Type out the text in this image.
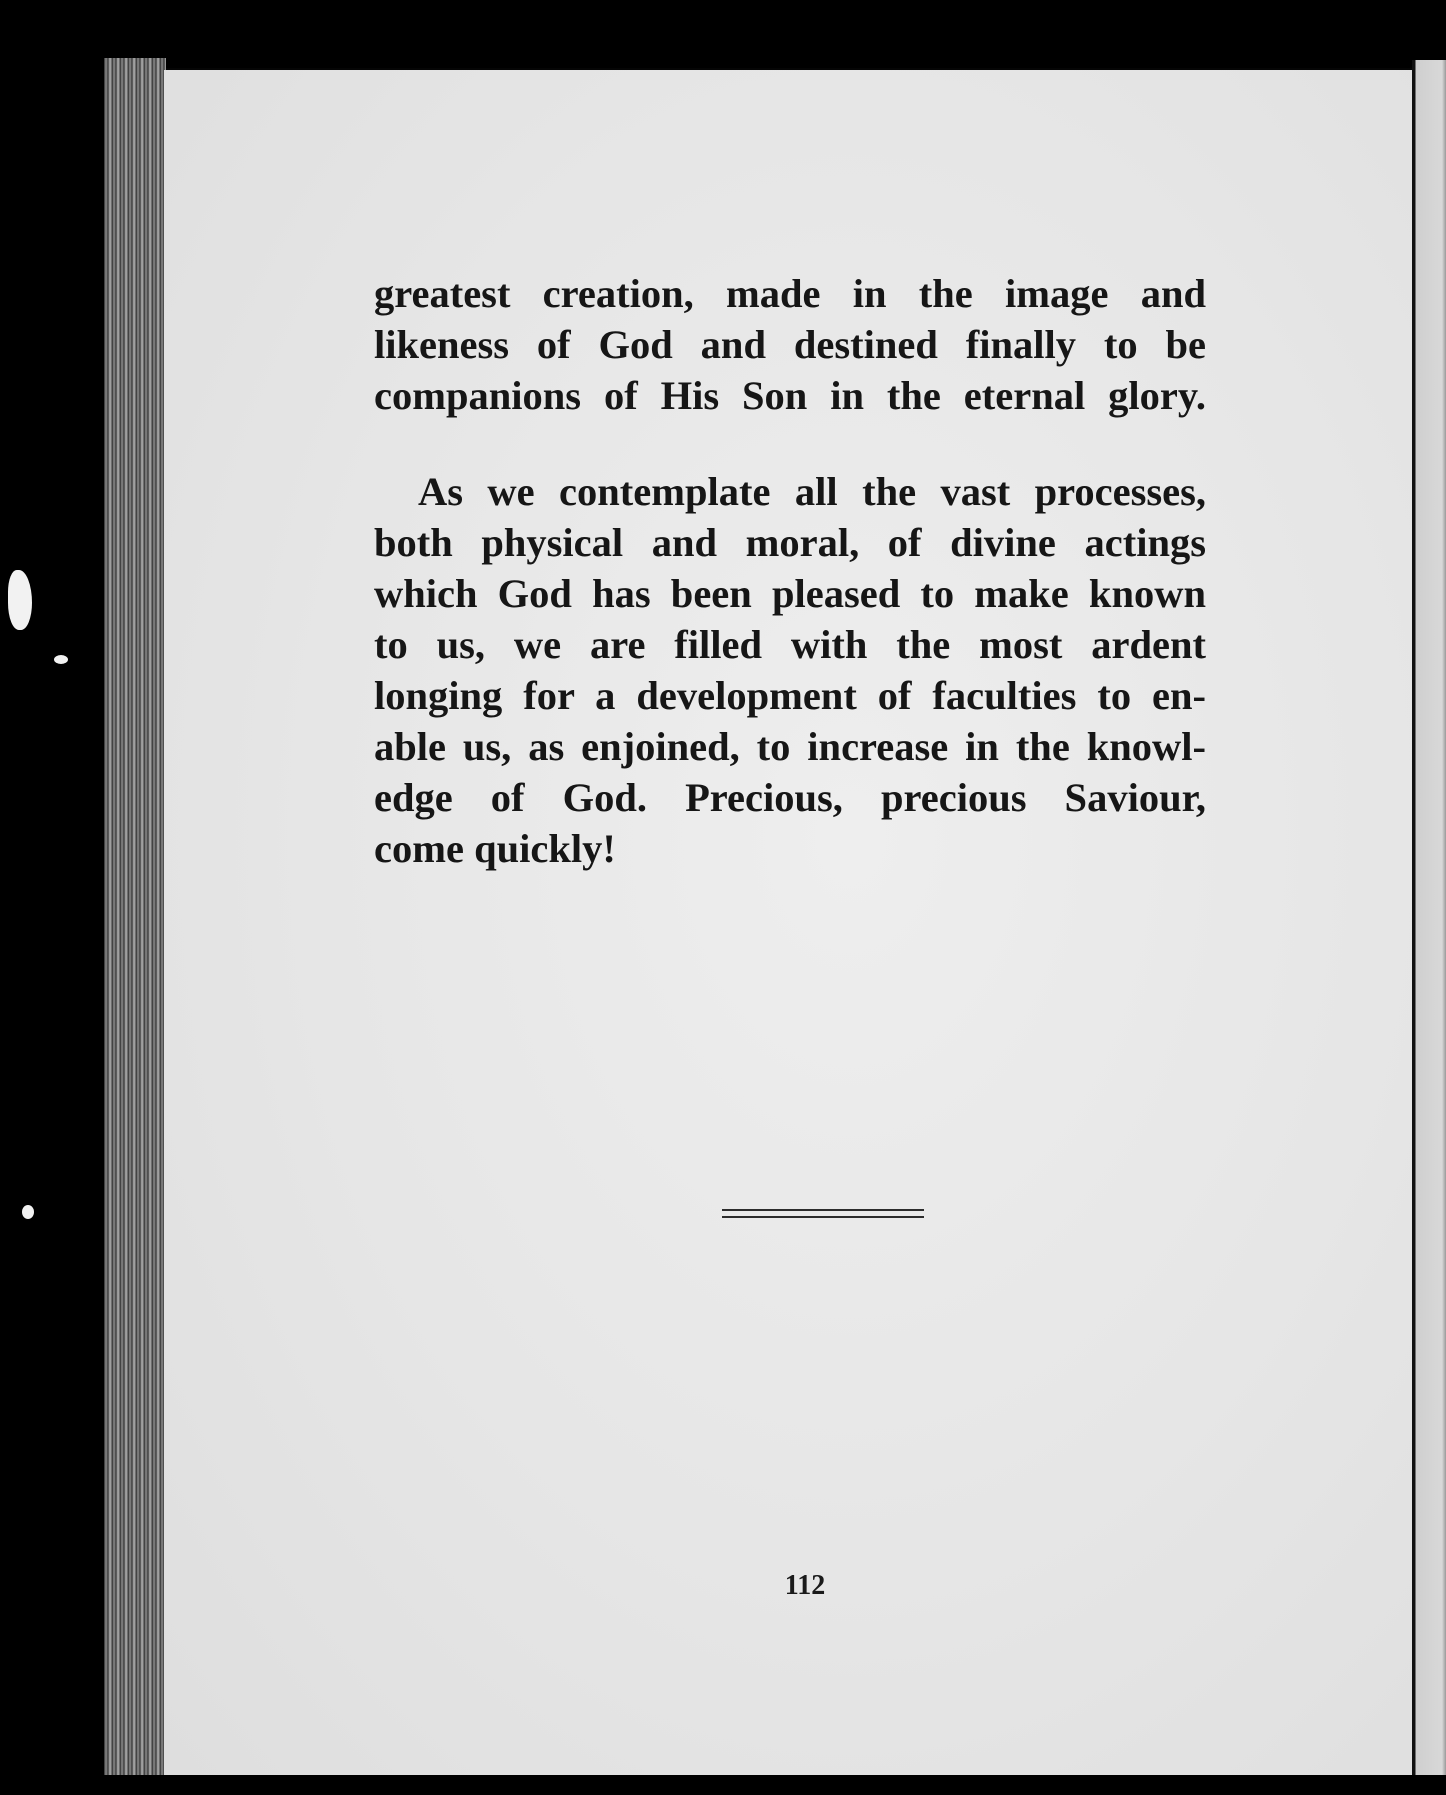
greatest creation, made in the image and
likeness of God and destined finally to be
companions of His Son in the eternal glory.
As we contemplate all the vast processes,
both physical and moral, of divine actings
which God has been pleased to make known
to us, we are filled with the most ardent
longing for a development of faculties to en-
able us, as enjoined, to increase in the knowl-
edge of God. Precious, precious Saviour,
come quickly!
112
